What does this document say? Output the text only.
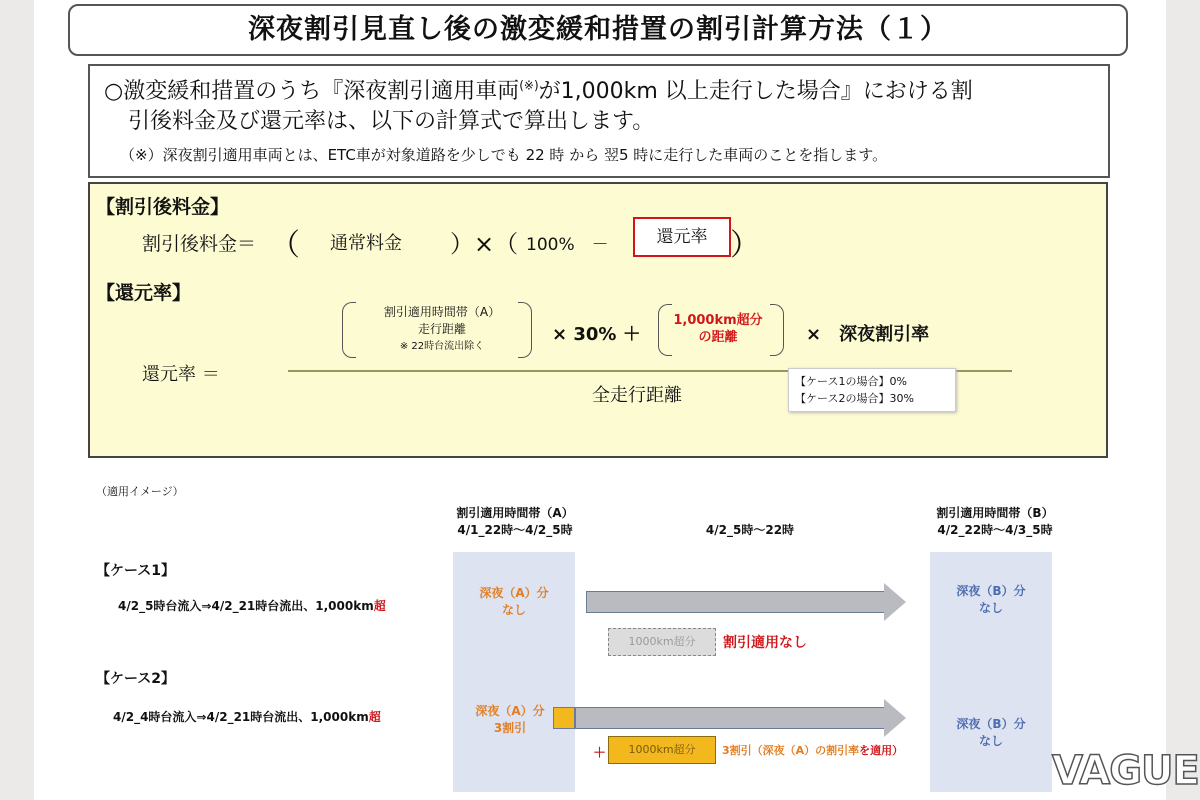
深夜割引見直し後の激変緩和措置の割引計算方法（１）
○激変緩和措置のうち『深夜割引適用車両(※)が1,000km 以上走行した場合』における割
引後料金及び還元率は、以下の計算式で算出します。
（※）深夜割引適用車両とは、ETC車が対象道路を少しでも 22 時 から 翌5 時に走行した車両のことを指します。
【割引後料金】
割引後料金＝ （ 通常料金 ）×（ 100%　－	還元率 ）
【還元率】
割引適用時間帯（A）
走行距離
※ 22時台流出除く
× 30% ＋
1,000km超分
の距離	×　深夜割引率
還元率 ＝
全走行距離
【ケース1の場合】0%
【ケース2の場合】30%
（適用イメージ）
割引適用時間帯（A）
4/1_22時～4/2_5時	4/2_5時～22時
割引適用時間帯（B）
4/2_22時～4/3_5時
【ケース1】
4/2_5時台流入⇒4/2_21時台流出、1,000km超
深夜（A）分
なし
1000km超分	割引適用なし
深夜（B）分
なし
【ケース2】
4/2_4時台流入⇒4/2_21時台流出、1,000km超	深夜（A）分
3割引
＋	1000km超分	3割引（深夜（A）の割引率を適用）
深夜（B）分
なし
VAGUE
